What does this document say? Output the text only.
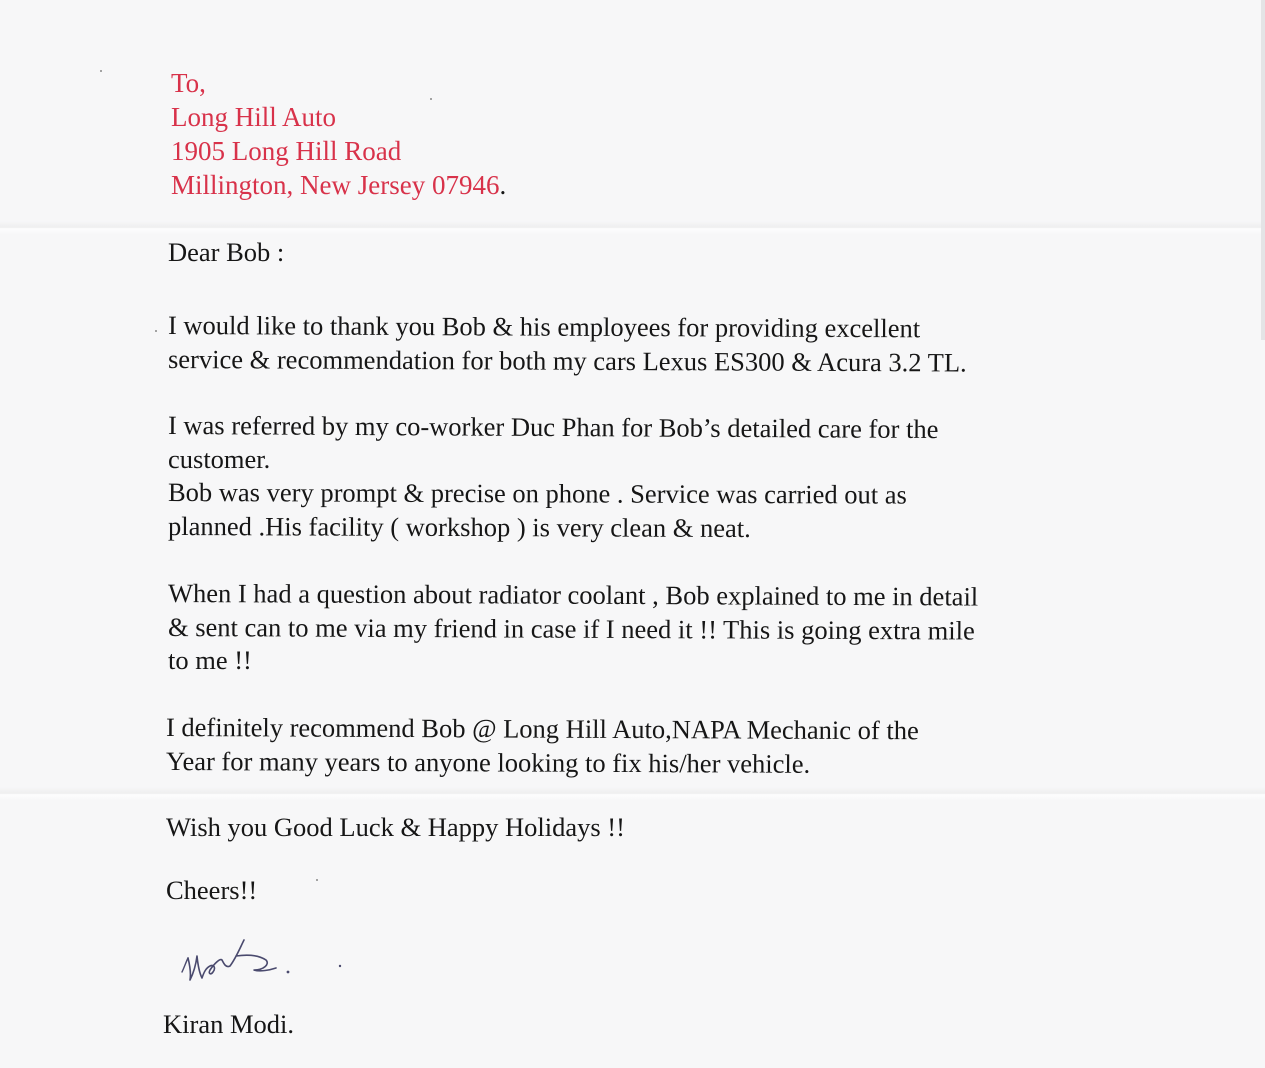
To,
Long Hill Auto
1905 Long Hill Road
Millington, New Jersey 07946.
Dear Bob :
I would like to thank you Bob & his employees for providing excellent
service & recommendation for both my cars Lexus ES300 & Acura 3.2 TL.
I was referred by my co-worker Duc Phan for Bob’s detailed care for the
customer.
Bob was very prompt & precise on phone . Service was carried out as
planned .His facility ( workshop ) is very clean & neat.
When I had a question about radiator coolant , Bob explained to me in detail
& sent can to me via my friend in case if I need it !! This is going extra mile
to me !!
I definitely recommend Bob @ Long Hill Auto,NAPA Mechanic of the
Year for many years to anyone looking to fix his/her vehicle.
Wish you Good Luck & Happy Holidays !!
Cheers!!
Kiran Modi.
